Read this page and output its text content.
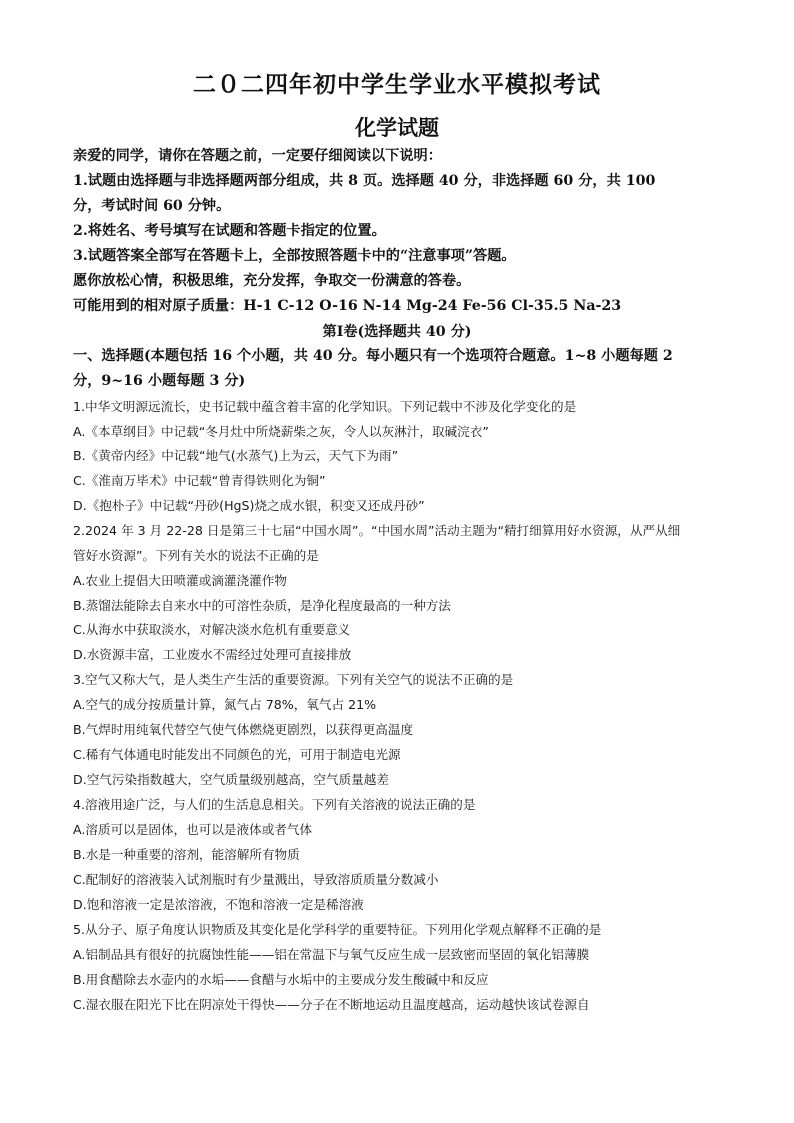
二０二四年初中学生学业水平模拟考试
化学试题
亲爱的同学，请你在答题之前，一定要仔细阅读以下说明：
1.试题由选择题与非选择题两部分组成，共 8 页。选择题 40 分，非选择题 60 分，共 100
分，考试时间 60 分钟。
2.将姓名、考号填写在试题和答题卡指定的位置。
3.试题答案全部写在答题卡上，全部按照答题卡中的“注意事项”答题。
愿你放松心情，积极思维，充分发挥，争取交一份满意的答卷。
可能用到的相对原子质量：H-1 C-12 O-16 N-14 Mg-24 Fe-56 Cl-35.5 Na-23
第Ⅰ卷(选择题共 40 分)
一、选择题(本题包括 16 个小题，共 40 分。每小题只有一个选项符合题意。1~8 小题每题 2
分，9~16 小题每题 3 分)
1.中华文明源远流长，史书记载中蕴含着丰富的化学知识。下列记载中不涉及化学变化的是
A.《本草纲目》中记载“冬月灶中所烧薪柴之灰，令人以灰淋汁，取碱浣衣”
B.《黄帝内经》中记载“地气(水蒸气)上为云，天气下为雨”
C.《淮南万毕术》中记载“曾青得铁则化为铜”
D.《抱朴子》中记载“丹砂(HgS)烧之成水银，积变又还成丹砂”
2.2024 年 3 月 22-28 日是第三十七届“中国水周”。“中国水周”活动主题为“精打细算用好水资源，从严从细
管好水资源”。下列有关水的说法不正确的是
A.农业上提倡大田喷灌或滴灌浇灌作物
B.蒸馏法能除去自来水中的可溶性杂质，是净化程度最高的一种方法
C.从海水中获取淡水，对解决淡水危机有重要意义
D.水资源丰富，工业废水不需经过处理可直接排放
3.空气又称大气，是人类生产生活的重要资源。下列有关空气的说法不正确的是
A.空气的成分按质量计算，氮气占 78%，氧气占 21%
B.气焊时用纯氧代替空气使气体燃烧更剧烈，以获得更高温度
C.稀有气体通电时能发出不同颜色的光，可用于制造电光源
D.空气污染指数越大，空气质量级别越高，空气质量越差
4.溶液用途广泛，与人们的生活息息相关。下列有关溶液的说法正确的是
A.溶质可以是固体，也可以是液体或者气体
B.水是一种重要的溶剂，能溶解所有物质
C.配制好的溶液装入试剂瓶时有少量溅出，导致溶质质量分数减小
D.饱和溶液一定是浓溶液，不饱和溶液一定是稀溶液
5.从分子、原子角度认识物质及其变化是化学科学的重要特征。下列用化学观点解释不正确的是
A.铝制品具有很好的抗腐蚀性能——铝在常温下与氧气反应生成一层致密而坚固的氧化铝薄膜
B.用食醋除去水壶内的水垢——食醋与水垢中的主要成分发生酸碱中和反应
C.湿衣服在阳光下比在阴凉处干得快——分子在不断地运动且温度越高，运动越快该试卷源自
